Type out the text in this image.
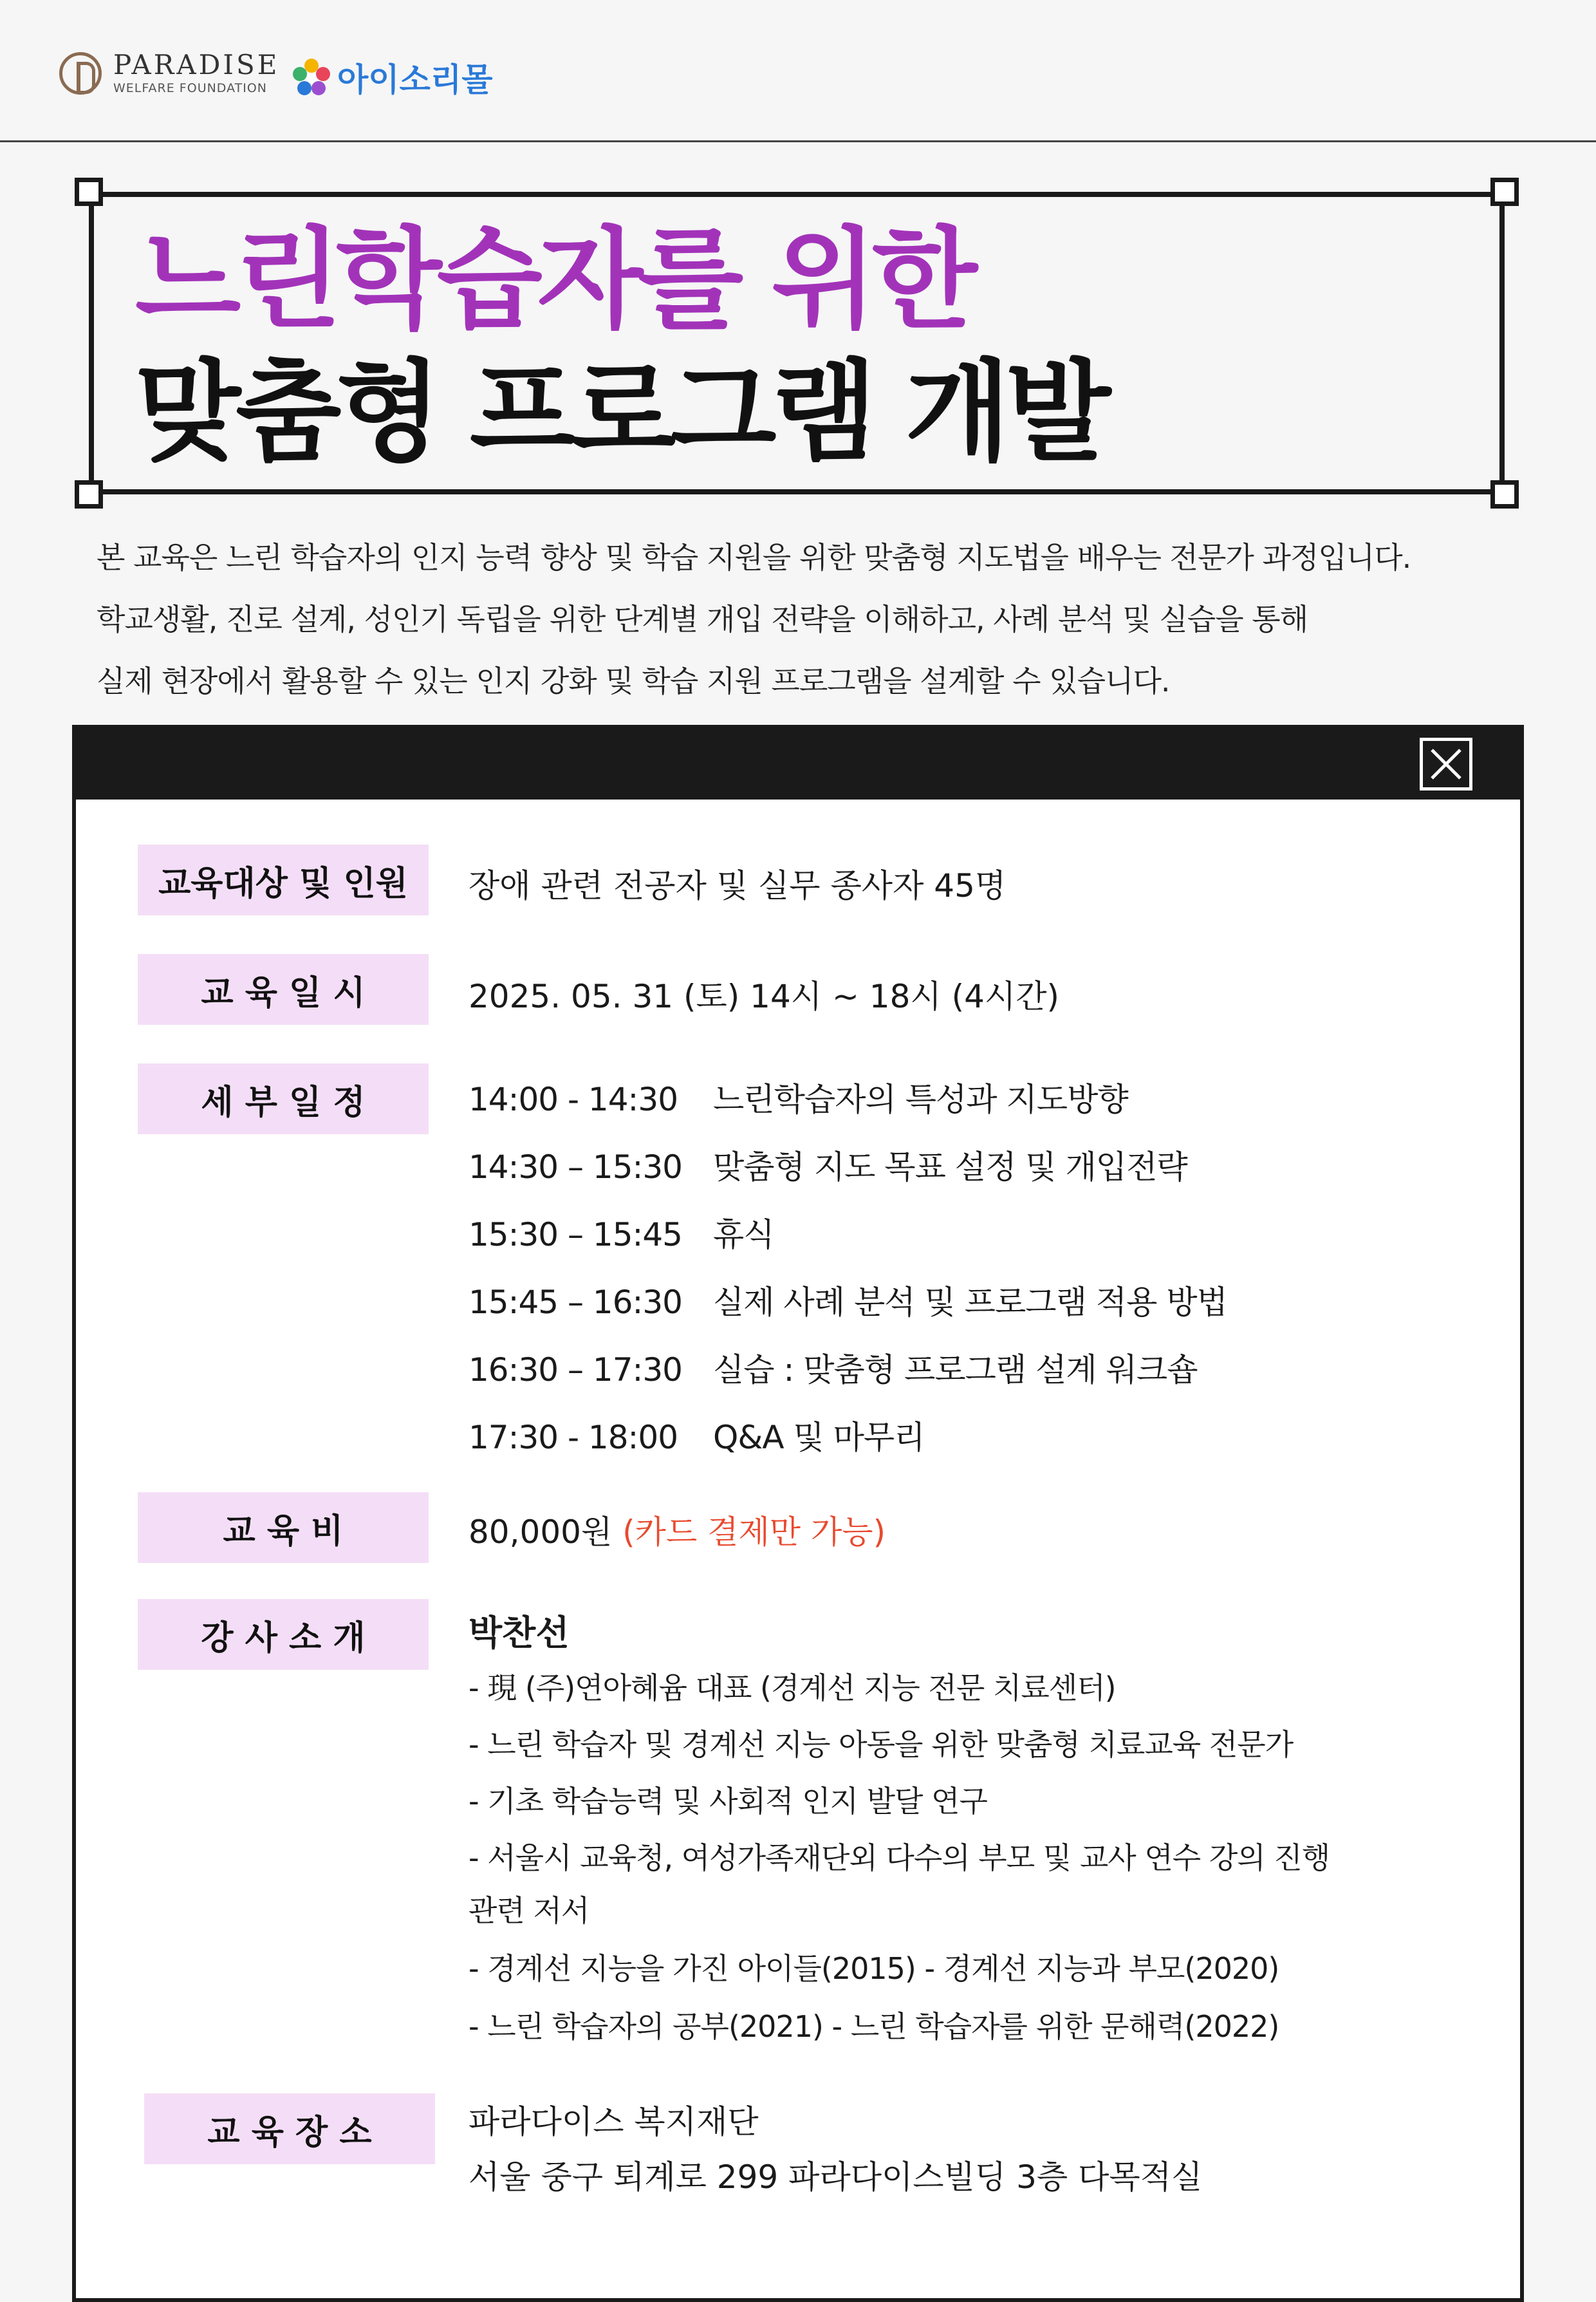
PARADISE
WELFARE FOUNDATION	아이소리몰
느린학습자를 위한
맞춤형 프로그램 개발
본 교육은 느린 학습자의 인지 능력 향상 및 학습 지원을 위한 맞춤형 지도법을 배우는 전문가 과정입니다.
학교생활, 진로 설계, 성인기 독립을 위한 단계별 개입 전략을 이해하고, 사례 분석 및 실습을 통해
실제 현장에서 활용할 수 있는 인지 강화 및 학습 지원 프로그램을 설계할 수 있습니다.
교육대상 및 인원	장애 관련 전공자 및 실무 종사자 45명
교 육 일 시	2025. 05. 31 (토) 14시 ~ 18시 (4시간)
세 부 일 정	14:00 - 14:30 느린학습자의 특성과 지도방향
14:30 – 15:30 맞춤형 지도 목표 설정 및 개입전략
15:30 – 15:45 휴식
15:45 – 16:30 실제 사례 분석 및 프로그램 적용 방법
16:30 – 17:30 실습 : 맞춤형 프로그램 설계 워크숍
17:30 - 18:00 Q&A 및 마무리
교 육 비	80,000원 (카드 결제만 가능)
강 사 소 개	박찬선
- 現 (주)연아혜윰 대표 (경계선 지능 전문 치료센터)
- 느린 학습자 및 경계선 지능 아동을 위한 맞춤형 치료교육 전문가
- 기초 학습능력 및 사회적 인지 발달 연구
- 서울시 교육청, 여성가족재단외 다수의 부모 및 교사 연수 강의 진행
관련 저서
- 경계선 지능을 가진 아이들(2015) - 경계선 지능과 부모(2020)
- 느린 학습자의 공부(2021) - 느린 학습자를 위한 문해력(2022)
교 육 장 소	파라다이스 복지재단
서울 중구 퇴계로 299 파라다이스빌딩 3층 다목적실
